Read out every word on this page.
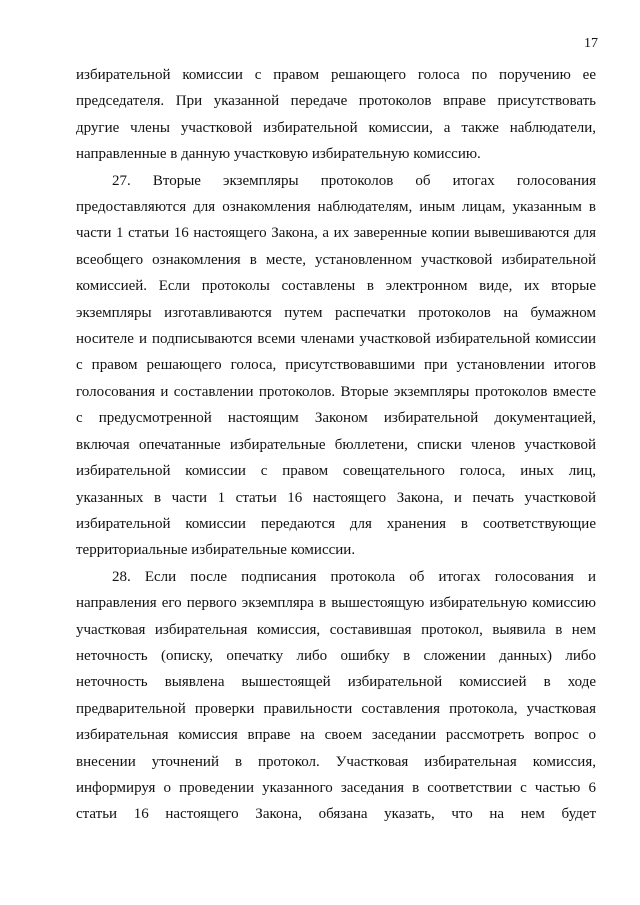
17
избирательной комиссии с правом решающего голоса по поручению ее
председателя. При указанной передаче протоколов вправе присутствовать
другие члены участковой избирательной комиссии, а также наблюдатели,
направленные в данную участковую избирательную комиссию.
27. Вторые экземпляры протоколов об итогах голосования
предоставляются для ознакомления наблюдателям, иным лицам, указанным в
части 1 статьи 16 настоящего Закона, а их заверенные копии вывешиваются для
всеобщего ознакомления в месте, установленном участковой избирательной
комиссией. Если протоколы составлены в электронном виде, их вторые
экземпляры изготавливаются путем распечатки протоколов на бумажном
носителе и подписываются всеми членами участковой избирательной комиссии
с правом решающего голоса, присутствовавшими при установлении итогов
голосования и составлении протоколов. Вторые экземпляры протоколов вместе
с предусмотренной настоящим Законом избирательной документацией,
включая опечатанные избирательные бюллетени, списки членов участковой
избирательной комиссии с правом совещательного голоса, иных лиц,
указанных в части 1 статьи 16 настоящего Закона, и печать участковой
избирательной комиссии передаются для хранения в соответствующие
территориальные избирательные комиссии.
28. Если после подписания протокола об итогах голосования и
направления его первого экземпляра в вышестоящую избирательную комиссию
участковая избирательная комиссия, составившая протокол, выявила в нем
неточность (описку, опечатку либо ошибку в сложении данных) либо
неточность выявлена вышестоящей избирательной комиссией в ходе
предварительной проверки правильности составления протокола, участковая
избирательная комиссия вправе на своем заседании рассмотреть вопрос о
внесении уточнений в протокол. Участковая избирательная комиссия,
информируя о проведении указанного заседания в соответствии с частью 6
статьи 16 настоящего Закона, обязана указать, что на нем будет
